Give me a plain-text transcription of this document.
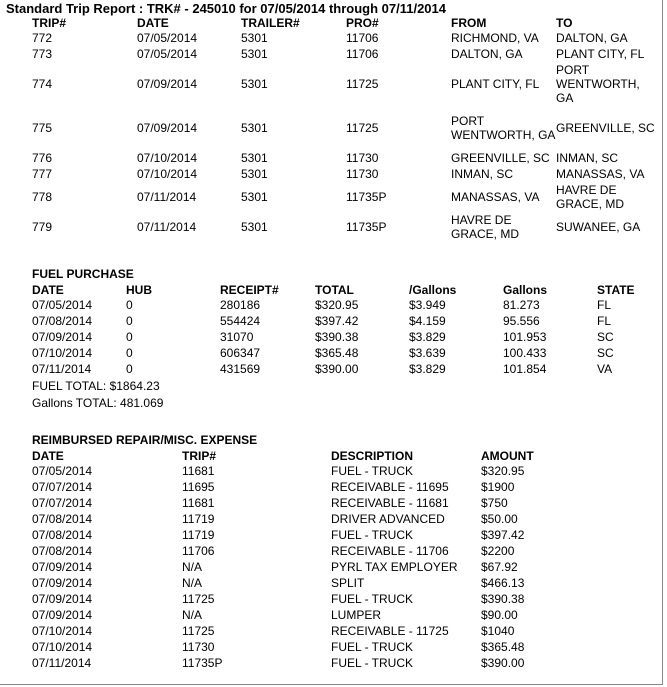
Standard Trip Report : TRK# - 245010 for 07/05/2014 through 07/11/2014
TRIP#	DATE	TRAILER#	PRO#	FROM	TO
772	07/05/2014	5301	11706	RICHMOND, VA	DALTON, GA
773	07/05/2014	5301	11706	DALTON, GA	PLANT CITY, FL
774	07/09/2014	5301	11725	PLANT CITY, FL	PORT WENTWORTH, GA
775	07/09/2014	5301	11725	PORT WENTWORTH, GA	GREENVILLE, SC
776	07/10/2014	5301	11730	GREENVILLE, SC	INMAN, SC
777	07/10/2014	5301	11730	INMAN, SC	MANASSAS, VA
778	07/11/2014	5301	11735P	MANASSAS, VA	HAVRE DE GRACE, MD
779	07/11/2014	5301	11735P	HAVRE DE GRACE, MD	SUWANEE, GA
FUEL PURCHASE
DATE	HUB	RECEIPT#	TOTAL	/Gallons	Gallons	STATE
07/05/2014	0	280186	$320.95	$3.949	81.273	FL
07/08/2014	0	554424	$397.42	$4.159	95.556	FL
07/09/2014	0	31070	$390.38	$3.829	101.953	SC
07/10/2014	0	606347	$365.48	$3.639	100.433	SC
07/11/2014	0	431569	$390.00	$3.829	101.854	VA
FUEL TOTAL: $1864.23
Gallons TOTAL: 481.069
REIMBURSED REPAIR/MISC. EXPENSE
DATE	TRIP#	DESCRIPTION	AMOUNT
07/05/2014	11681	FUEL - TRUCK	$320.95
07/07/2014	11695	RECEIVABLE - 11695	$1900
07/07/2014	11681	RECEIVABLE - 11681	$750
07/08/2014	11719	DRIVER ADVANCED	$50.00
07/08/2014	11719	FUEL - TRUCK	$397.42
07/08/2014	11706	RECEIVABLE - 11706	$2200
07/09/2014	N/A	PYRL TAX EMPLOYER	$67.92
07/09/2014	N/A	SPLIT	$466.13
07/09/2014	11725	FUEL - TRUCK	$390.38
07/09/2014	N/A	LUMPER	$90.00
07/10/2014	11725	RECEIVABLE - 11725	$1040
07/10/2014	11730	FUEL - TRUCK	$365.48
07/11/2014	11735P	FUEL - TRUCK	$390.00
